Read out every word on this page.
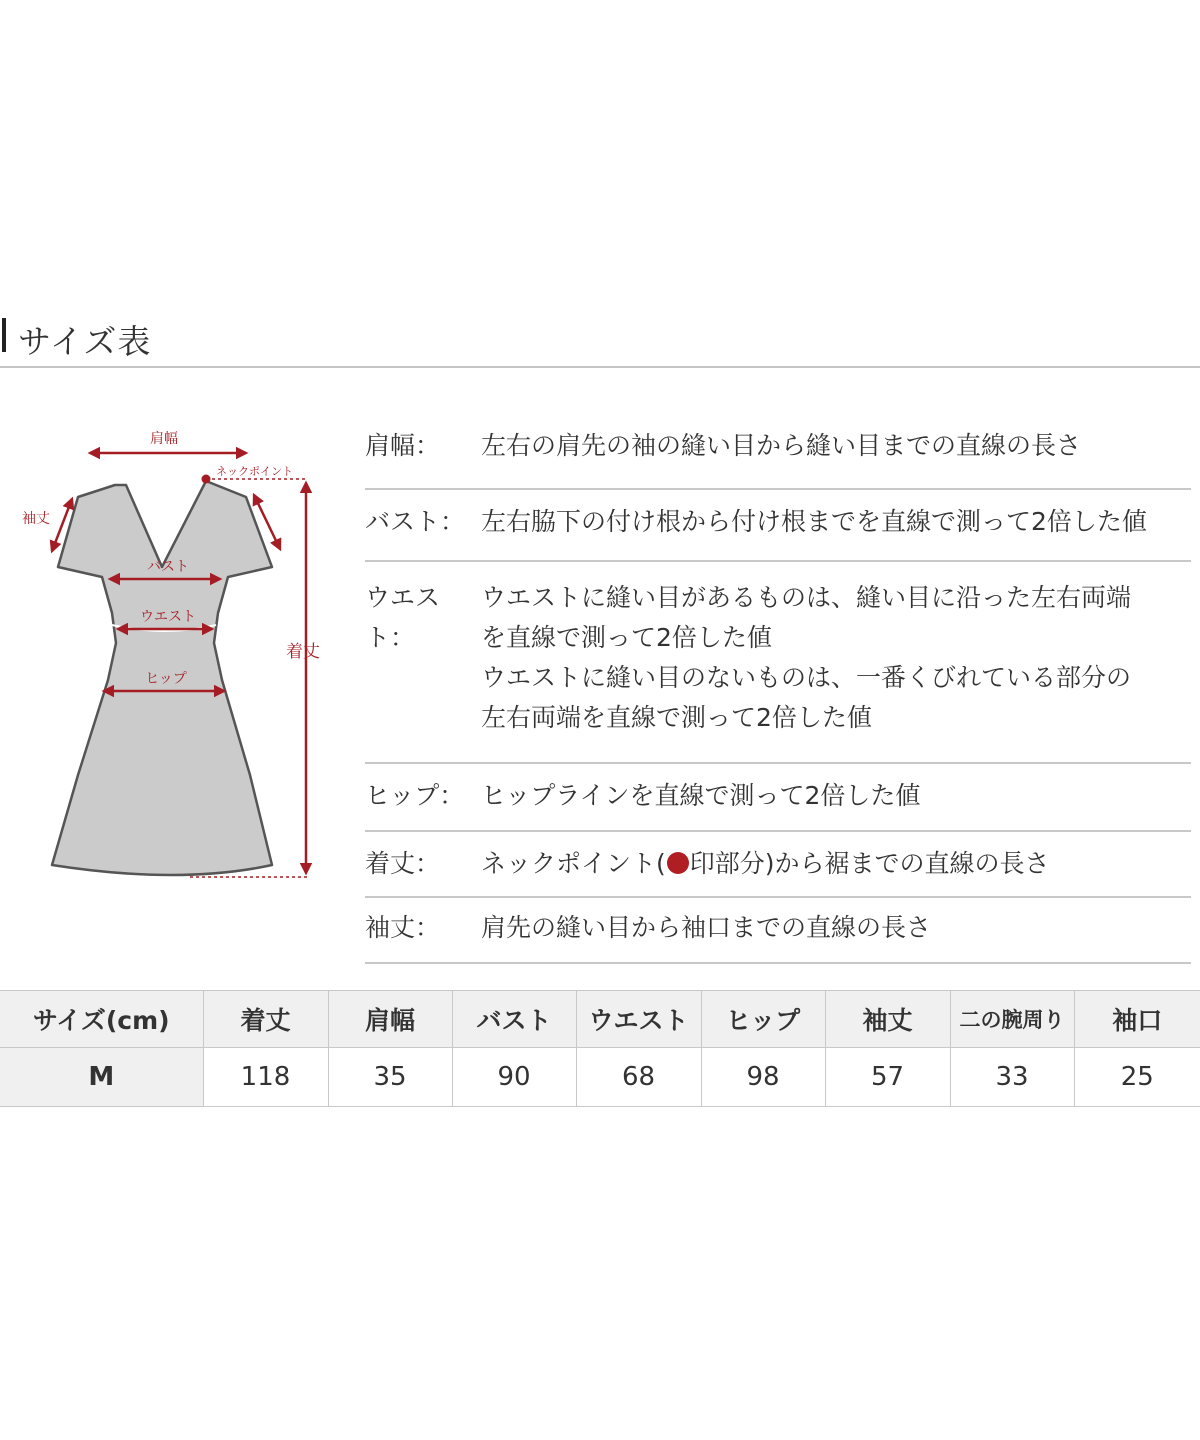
サイズ表
肩幅
ネックポイント
袖丈
バスト
ウエスト
ヒップ
着丈
肩幅：	左右の肩先の袖の縫い目から縫い目までの直線の長さ
バスト： 左右脇下の付け根から付け根までを直線で測って2倍した値
ウエスト：
ウエストに縫い目があるものは、縫い目に沿った左右両端
を直線で測って2倍した値
ウエストに縫い目のないものは、一番くびれている部分の
左右両端を直線で測って2倍した値
ヒップ： ヒップラインを直線で測って2倍した値
着丈：	ネックポイント( 印部分)から裾までの直線の長さ
袖丈：	肩先の縫い目から袖口までの直線の長さ
サイズ(cm)	着丈	肩幅	バスト	ウエスト	ヒップ	袖丈	二の腕周り	袖口
M	118	35	90	68	98	57	33	25
